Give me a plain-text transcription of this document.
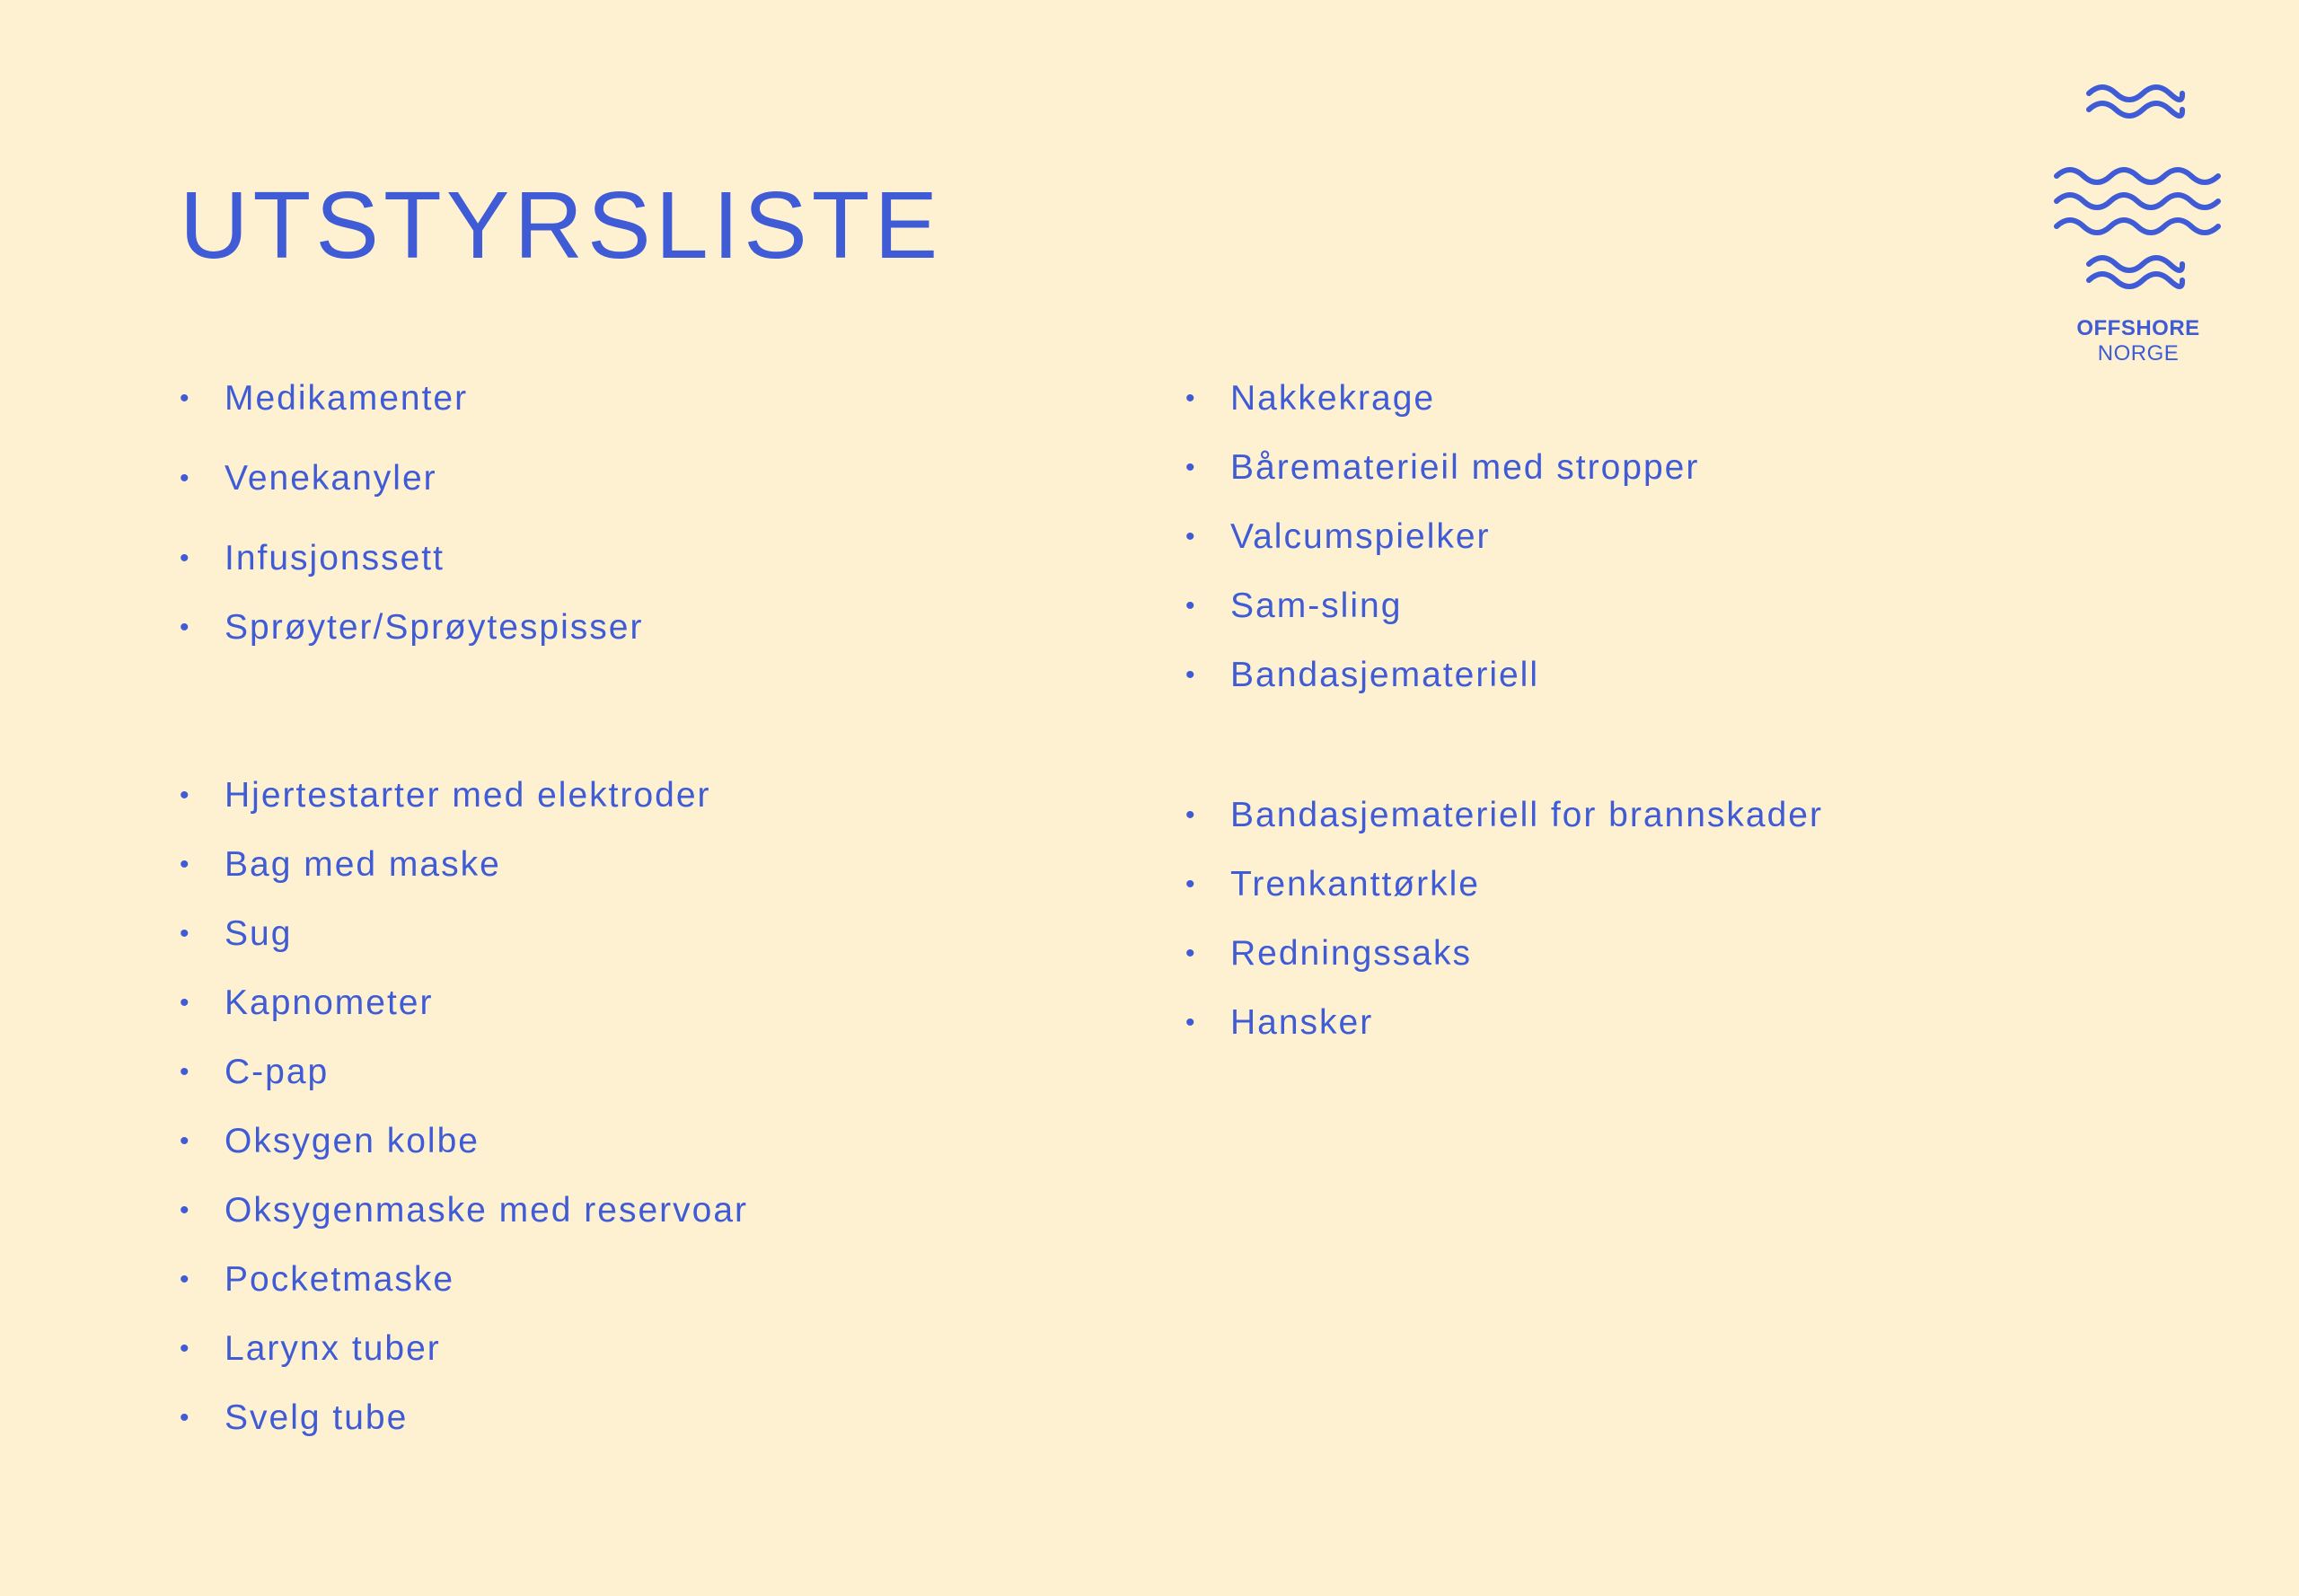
UTSTYRSLISTE
OFFSHORE NORGE
• Medikamenter
• Venekanyler
• Infusjonssett
• Sprøyter/Sprøytespisser
• Hjertestarter med elektroder
• Bag med maske
• Sug
• Kapnometer
• C-pap
• Oksygen kolbe
• Oksygenmaske med reservoar
• Pocketmaske
• Larynx tuber
• Svelg tube
• Nakkekrage
• Bårematerieil med stropper
• Valcumspielker
• Sam-sling
• Bandasjemateriell
• Bandasjemateriell for brannskader
• Trenkanttørkle
• Redningssaks
• Hansker
